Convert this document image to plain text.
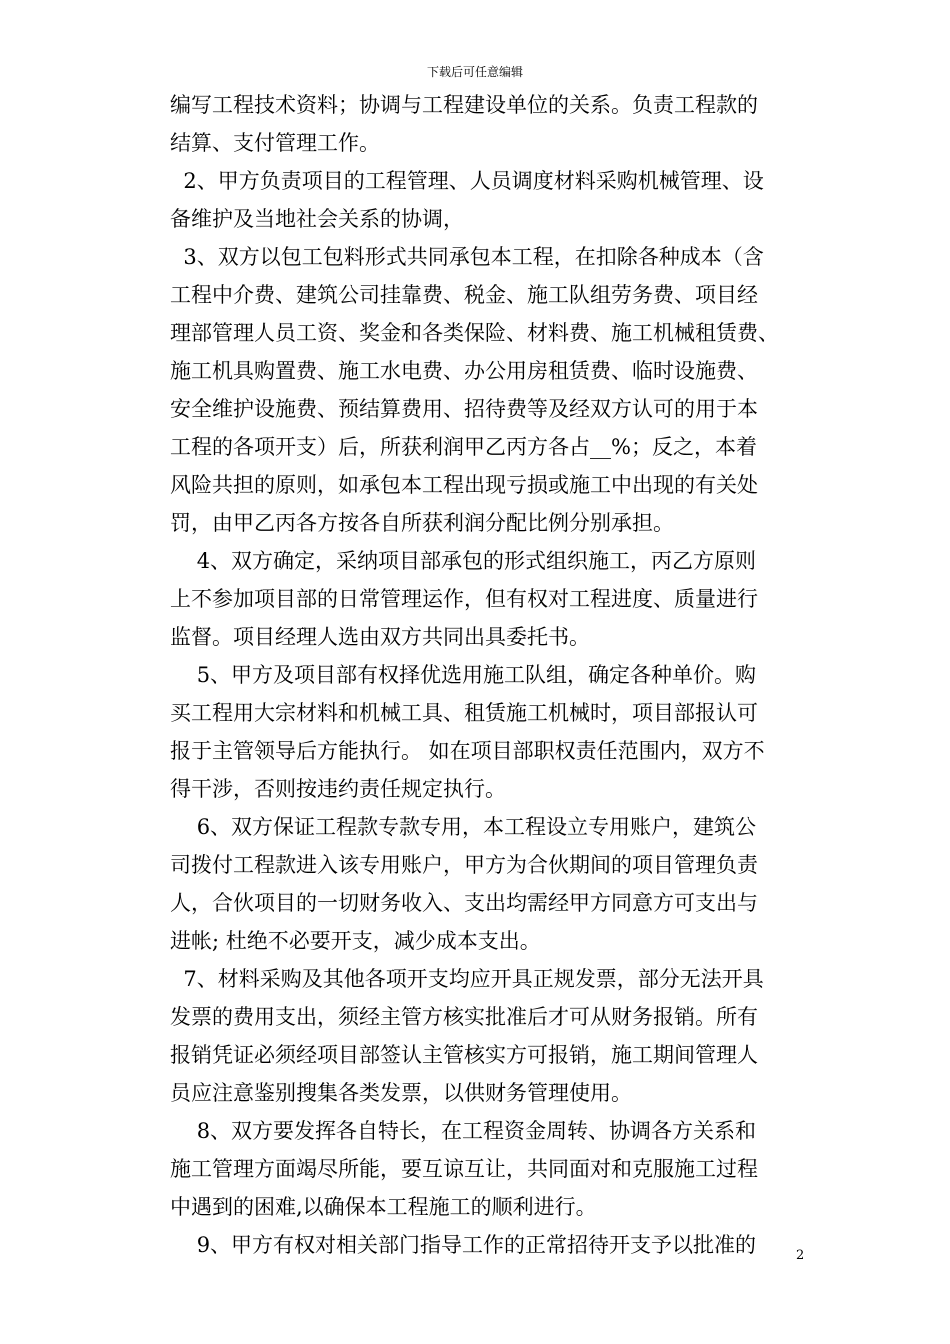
下载后可任意编辑
编写工程技术资料；协调与工程建设单位的关系。负责工程款的
结算、支付管理工作。
2、甲方负责项目的工程管理、人员调度材料采购机械管理、设
备维护及当地社会关系的协调，
3、双方以包工包料形式共同承包本工程，在扣除各种成本（含
工程中介费、建筑公司挂靠费、税金、施工队组劳务费、项目经
理部管理人员工资、奖金和各类保险、材料费、施工机械租赁费、
施工机具购置费、施工水电费、办公用房租赁费、临时设施费、
安全维护设施费、预结算费用、招待费等及经双方认可的用于本
工程的各项开支）后，所获利润甲乙丙方各占__%；反之，本着
风险共担的原则，如承包本工程出现亏损或施工中出现的有关处
罚，由甲乙丙各方按各自所获利润分配比例分别承担。
4、双方确定，采纳项目部承包的形式组织施工，丙乙方原则
上不参加项目部的日常管理运作，但有权对工程进度、质量进行
监督。项目经理人选由双方共同出具委托书。
5、甲方及项目部有权择优选用施工队组，确定各种单价。购
买工程用大宗材料和机械工具、租赁施工机械时，项目部报认可
报于主管领导后方能执行。 如在项目部职权责任范围内，双方不
得干涉，否则按违约责任规定执行。
6、双方保证工程款专款专用，本工程设立专用账户，建筑公
司拨付工程款进入该专用账户，甲方为合伙期间的项目管理负责
人，合伙项目的一切财务收入、支出均需经甲方同意方可支出与
进帐; 杜绝不必要开支，减少成本支出。
7、材料采购及其他各项开支均应开具正规发票，部分无法开具
发票的费用支出，须经主管方核实批准后才可从财务报销。所有
报销凭证必须经项目部签认主管核实方可报销，施工期间管理人
员应注意鉴别搜集各类发票，以供财务管理使用。
8、双方要发挥各自特长，在工程资金周转、协调各方关系和
施工管理方面竭尽所能，要互谅互让，共同面对和克服施工过程
中遇到的困难,以确保本工程施工的顺利进行。
9、甲方有权对相关部门指导工作的正常招待开支予以批准的	2
